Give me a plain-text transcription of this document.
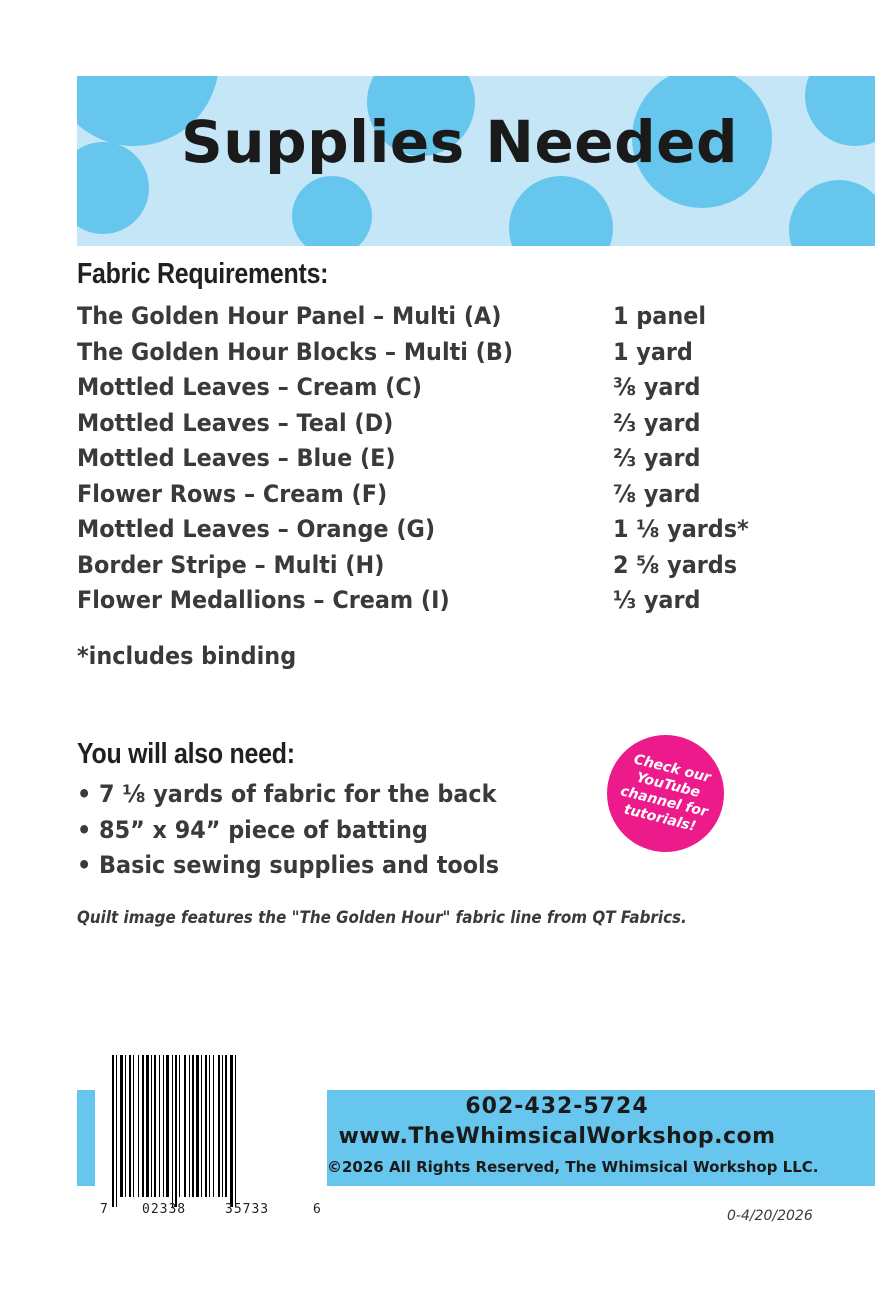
Supplies Needed
Fabric Requirements:
The Golden Hour Panel – Multi (A)	1 panel
The Golden Hour Blocks – Multi (B)	1 yard
Mottled Leaves – Cream (C)	⅜ yard
Mottled Leaves – Teal (D)	⅔ yard
Mottled Leaves – Blue (E)	⅔ yard
Flower Rows – Cream (F)	⅞ yard
Mottled Leaves – Orange (G)	1 ⅛ yards*
Border Stripe – Multi (H)	2 ⅝ yards
Flower Medallions – Cream (I)	⅓ yard
*includes binding
You will also need:
• 7 ⅛ yards of fabric for the back
• 85” x 94” piece of batting
• Basic sewing supplies and tools
Check our YouTube channel for tutorials!
Quilt image features the "The Golden Hour" fabric line from QT Fabrics.
602-432-5724
www.TheWhimsicalWorkshop.com
©2026 All Rights Reserved, The Whimsical Workshop LLC.
7	02338	35733	6	0-4/20/2026
